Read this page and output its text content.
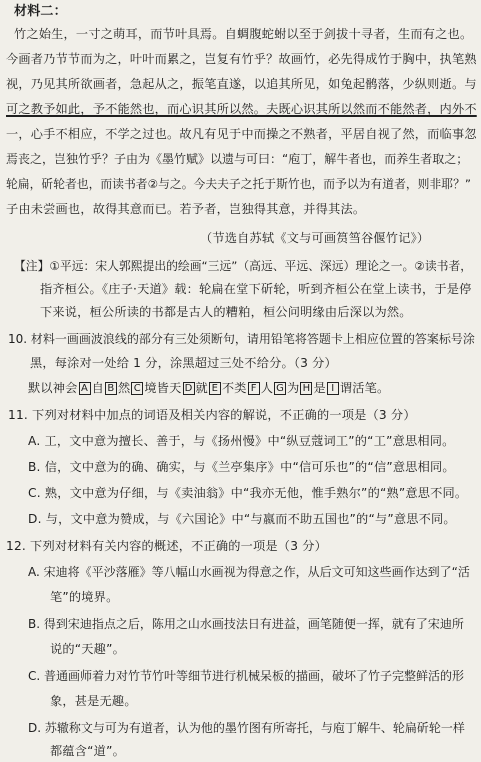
材料二：
竹之始生，一寸之萌耳，而节叶具焉。自蜩腹蛇蚹以至于剑拔十寻者，生而有之也。
今画者乃节节而为之，叶叶而累之，岂复有竹乎？故画竹，必先得成竹于胸中，执笔熟
视，乃见其所欲画者，急起从之，振笔直遂，以追其所见，如兔起鹘落，少纵则逝。与
可之教予如此，予不能然也，而心识其所以然。夫既心识其所以然而不能然者，内外不
一，心手不相应，不学之过也。故凡有见于中而操之不熟者，平居自视了然，而临事忽
焉丧之，岂独竹乎？子由为《墨竹赋》以遗与可曰：“庖丁，解牛者也，而养生者取之；
轮扁，斫轮者也，而读书者②与之。今夫夫子之托于斯竹也，而予以为有道者，则非耶？”
子由未尝画也，故得其意而已。若予者，岂独得其意，并得其法。
（节选自苏轼《文与可画筼筜谷偃竹记》）
【注】①平远：宋人郭熙提出的绘画“三远”（高远、平远、深远）理论之一。②读书者，
指齐桓公。《庄子·天道》载：轮扁在堂下斫轮，听到齐桓公在堂上读书，于是停
下来说，桓公所读的书都是古人的糟粕，桓公问明缘由后深以为然。
10. 材料一画画波浪线的部分有三处须断句，请用铅笔将答题卡上相应位置的答案标号涂
黑，每涂对一处给 1 分，涂黑超过三处不给分。（3 分）
默以神会 A 自 B 然 C 境皆天 D 就 E 不类 F 人 G 为 H 是 I 谓活笔。
11. 下列对材料中加点的词语及相关内容的解说，不正确的一项是（3 分）
A. 工，文中意为擅长、善于，与《扬州慢》中“纵豆蔻词工”的“工”意思相同。
B. 信，文中意为的确、确实，与《兰亭集序》中“信可乐也”的“信”意思相同。
C. 熟，文中意为仔细，与《卖油翁》中“我亦无他，惟手熟尔”的“熟”意思不同。
D. 与，文中意为赞成，与《六国论》中“与嬴而不助五国也”的“与”意思不同。
12. 下列对材料有关内容的概述，不正确的一项是（3 分）
A. 宋迪将《平沙落雁》等八幅山水画视为得意之作，从后文可知这些画作达到了“活
笔”的境界。
B. 得到宋迪指点之后，陈用之山水画技法日有进益，画笔随便一挥，就有了宋迪所
说的“天趣”。
C. 普通画师着力对竹节竹叶等细节进行机械呆板的描画，破坏了竹子完整鲜活的形
象，甚是无趣。
D. 苏辙称文与可为有道者，认为他的墨竹图有所寄托，与庖丁解牛、轮扁斫轮一样
都蕴含“道”。
